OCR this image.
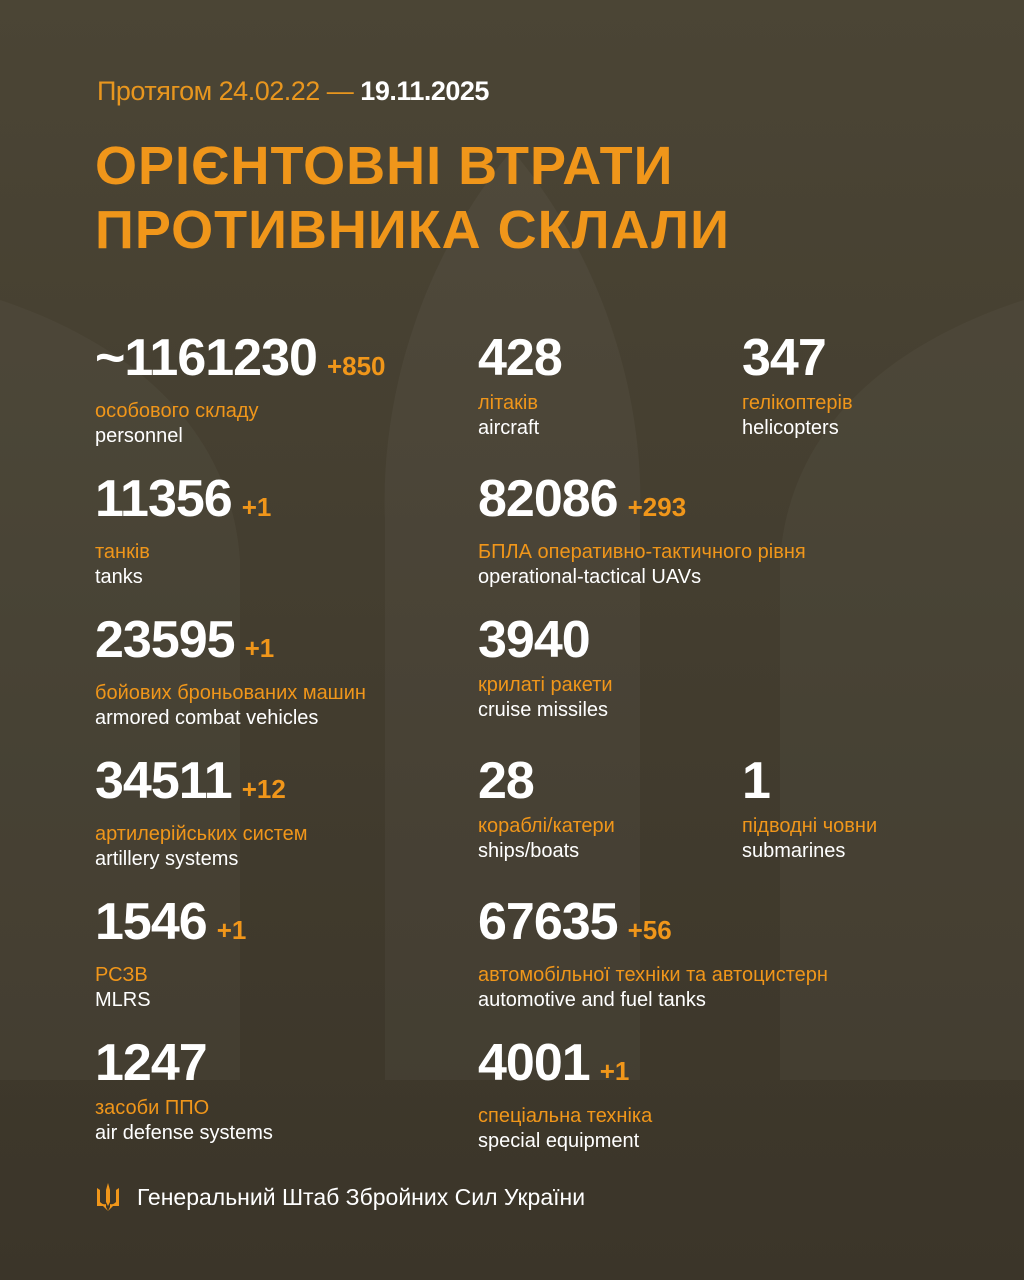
Протягом 24.02.22 — 19.11.2025
ОРІЄНТОВНІ ВТРАТИ
ПРОТИВНИКА СКЛАЛИ
~1161230 +850
особового складу
personnel
428
літаків
aircraft
347
гелікоптерів
helicopters
11356 +1
танків
tanks
82086 +293
БПЛА оперативно-тактичного рівня
operational-tactical UAVs
23595 +1
бойових броньованих машин
armored combat vehicles
3940
крилаті ракети
cruise missiles
34511 +12
артилерійських систем
artillery systems
28
кораблі/катери
ships/boats
1
підводні човни
submarines
1546 +1
РСЗВ
MLRS
67635 +56
автомобільної техніки та автоцистерн
automotive and fuel tanks
1247
засоби ППО
air defense systems
4001 +1
спеціальна техніка
special equipment
Генеральний Штаб Збройних Сил України
